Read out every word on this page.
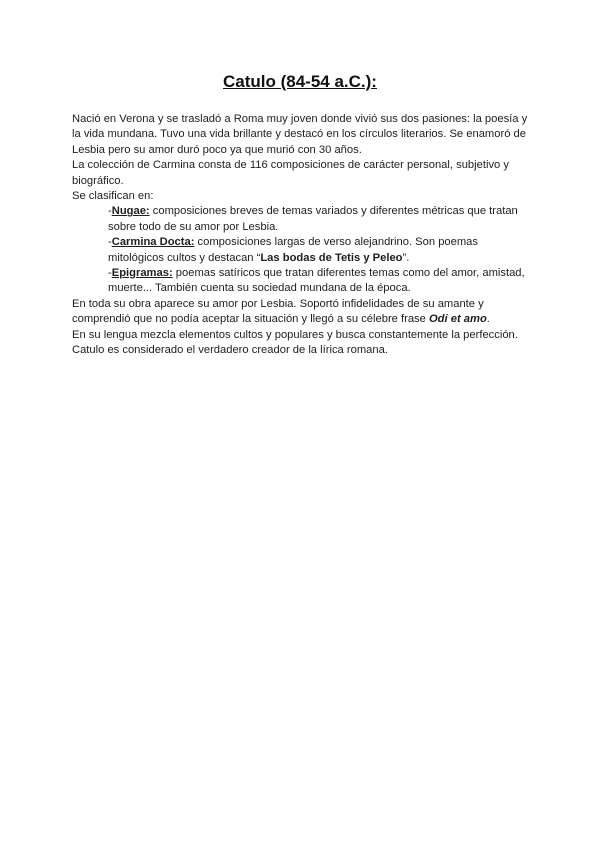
Catulo (84-54 a.C.):

Nació en Verona y se trasladó a Roma muy joven donde vivió sus dos pasiones: la poesía y la vida mundana. Tuvo una vida brillante y destacó en los círculos literarios. Se enamoró de Lesbia pero su amor duró poco ya que murió con 30 años.

La colección de Carmina consta de 116 composiciones de carácter personal, subjetivo y biográfico.

Se clasifican en:

-Nugae: composiciones breves de temas variados y diferentes métricas que tratan sobre todo de su amor por Lesbia.

-Carmina Docta: composiciones largas de verso alejandrino. Son poemas mitológicos cultos y destacan “Las bodas de Tetis y Peleo”.

-Epigramas: poemas satíricos que tratan diferentes temas como del amor, amistad, muerte... También cuenta su sociedad mundana de la época.

En toda su obra aparece su amor por Lesbia. Soportó infidelidades de su amante y comprendió que no podía aceptar la situación y llegó a su célebre frase Odi et amo.

En su lengua mezcla elementos cultos y populares y busca constantemente la perfección.

Catulo es considerado el verdadero creador de la lírica romana.
